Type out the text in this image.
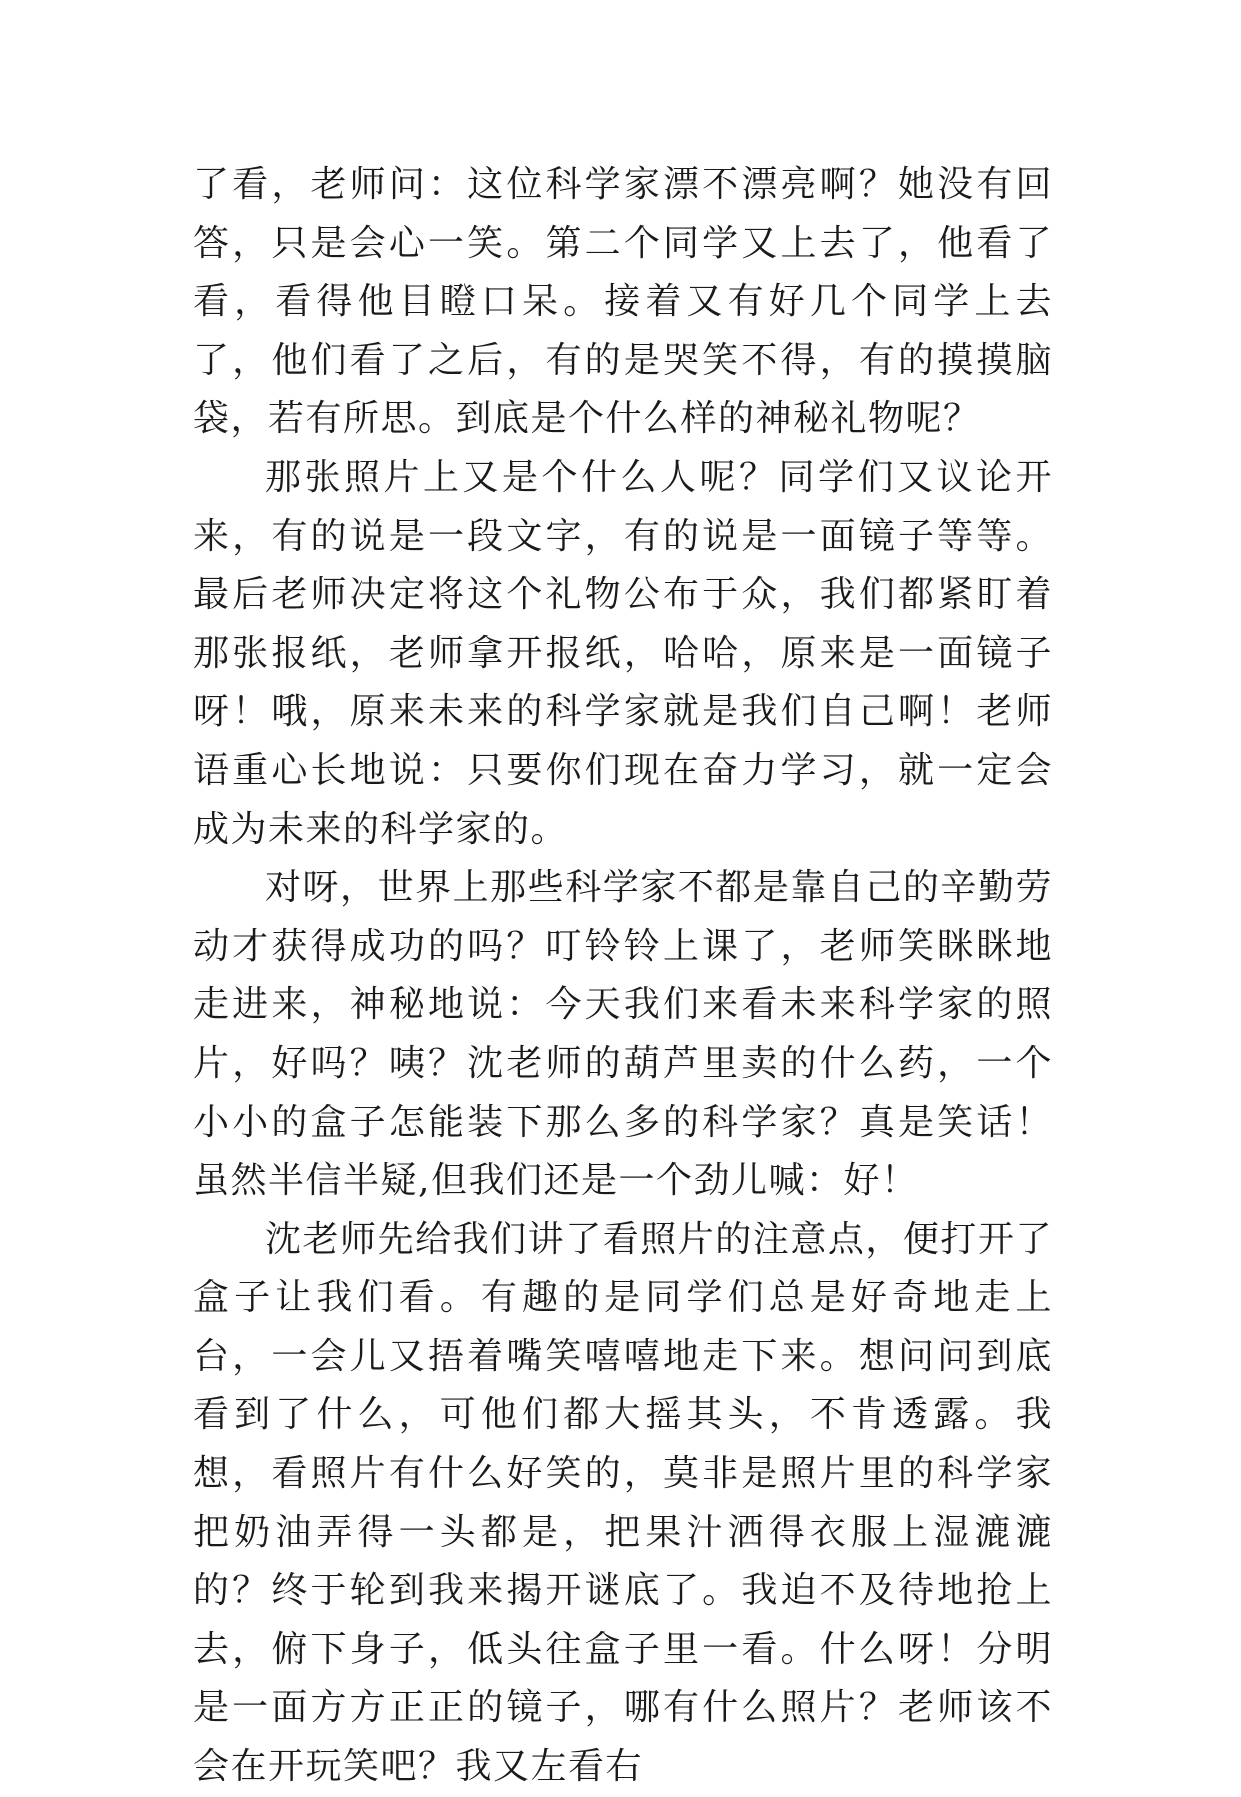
了看，老师问：这位科学家漂不漂亮啊？她没有回答，只是会心一笑。第二个同学又上去了，他看了看，看得他目瞪口呆。接着又有好几个同学上去了，他们看了之后，有的是哭笑不得，有的摸摸脑袋，若有所思。到底是个什么样的神秘礼物呢？

那张照片上又是个什么人呢？同学们又议论开来，有的说是一段文字，有的说是一面镜子等等。最后老师决定将这个礼物公布于众，我们都紧盯着那张报纸，老师拿开报纸，哈哈，原来是一面镜子呀！哦，原来未来的科学家就是我们自己啊！老师语重心长地说：只要你们现在奋力学习，就一定会成为未来的科学家的。

对呀，世界上那些科学家不都是靠自己的辛勤劳动才获得成功的吗？叮铃铃上课了，老师笑眯眯地走进来，神秘地说：今天我们来看未来科学家的照片，好吗？咦？沈老师的葫芦里卖的什么药，一个小小的盒子怎能装下那么多的科学家？真是笑话！虽然半信半疑,但我们还是一个劲儿喊：好！

沈老师先给我们讲了看照片的注意点，便打开了盒子让我们看。有趣的是同学们总是好奇地走上台，一会儿又捂着嘴笑嘻嘻地走下来。想问问到底看到了什么，可他们都大摇其头，不肯透露。我想，看照片有什么好笑的，莫非是照片里的科学家把奶油弄得一头都是，把果汁洒得衣服上湿漉漉的？终于轮到我来揭开谜底了。我迫不及待地抢上去，俯下身子，低头往盒子里一看。什么呀！分明是一面方方正正的镜子，哪有什么照片？老师该不会在开玩笑吧？我又左看右
